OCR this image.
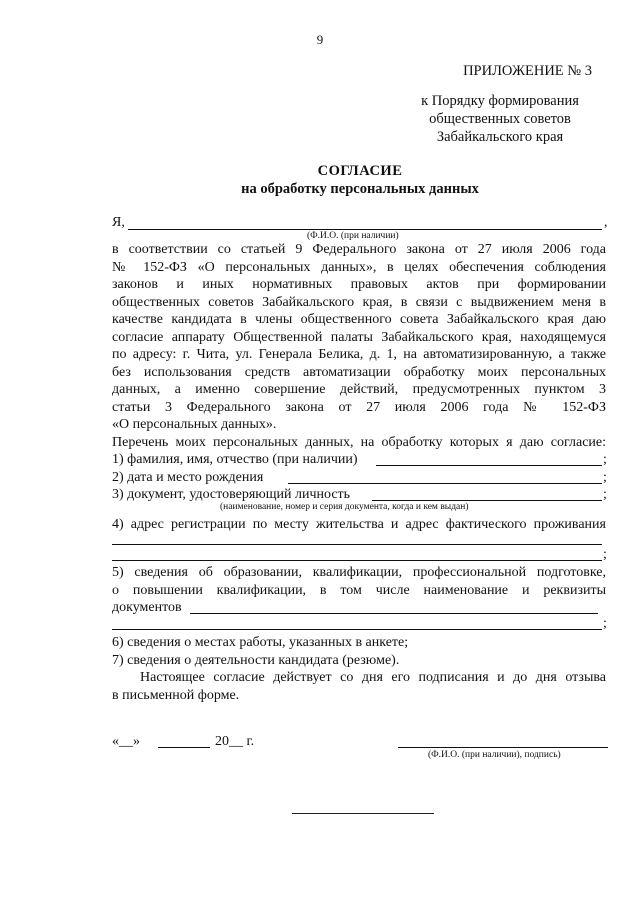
9
ПРИЛОЖЕНИЕ № 3
к Порядку формирования
общественных советов
Забайкальского края
СОГЛАСИЕ
на обработку персональных данных
Я,	,
(Ф.И.О. (при наличии)
в соответствии со статьей 9 Федерального закона от 27 июля 2006 года
№ 152-ФЗ «О персональных данных», в целях обеспечения соблюдения
законов и иных нормативных правовых актов при формировании
общественных советов Забайкальского края, в связи с выдвижением меня в
качестве кандидата в члены общественного совета Забайкальского края даю
согласие аппарату Общественной палаты Забайкальского края, находящемуся
по адресу: г. Чита, ул. Генерала Белика, д. 1, на автоматизированную, а также
без использования средств автоматизации обработку моих персональных
данных, а именно совершение действий, предусмотренных пунктом 3
статьи 3 Федерального закона от 27 июля 2006 года № 152-ФЗ
«О персональных данных».
Перечень моих персональных данных, на обработку которых я даю согласие:
1) фамилия, имя, отчество (при наличии)	;
2) дата и место рождения	;
3) документ, удостоверяющий личность	;
(наименование, номер и серия документа, когда и кем выдан)
4) адрес регистрации по месту жительства и адрес фактического проживания
;
5) сведения об образовании, квалификации, профессиональной подготовке,
о повышении квалификации, в том числе наименование и реквизиты
документов
;
6) сведения о местах работы, указанных в анкете;
7) сведения о деятельности кандидата (резюме).
Настоящее согласие действует со дня его подписания и до дня отзыва
в письменной форме.
«__»	20__ г.
(Ф.И.О. (при наличии), подпись)
